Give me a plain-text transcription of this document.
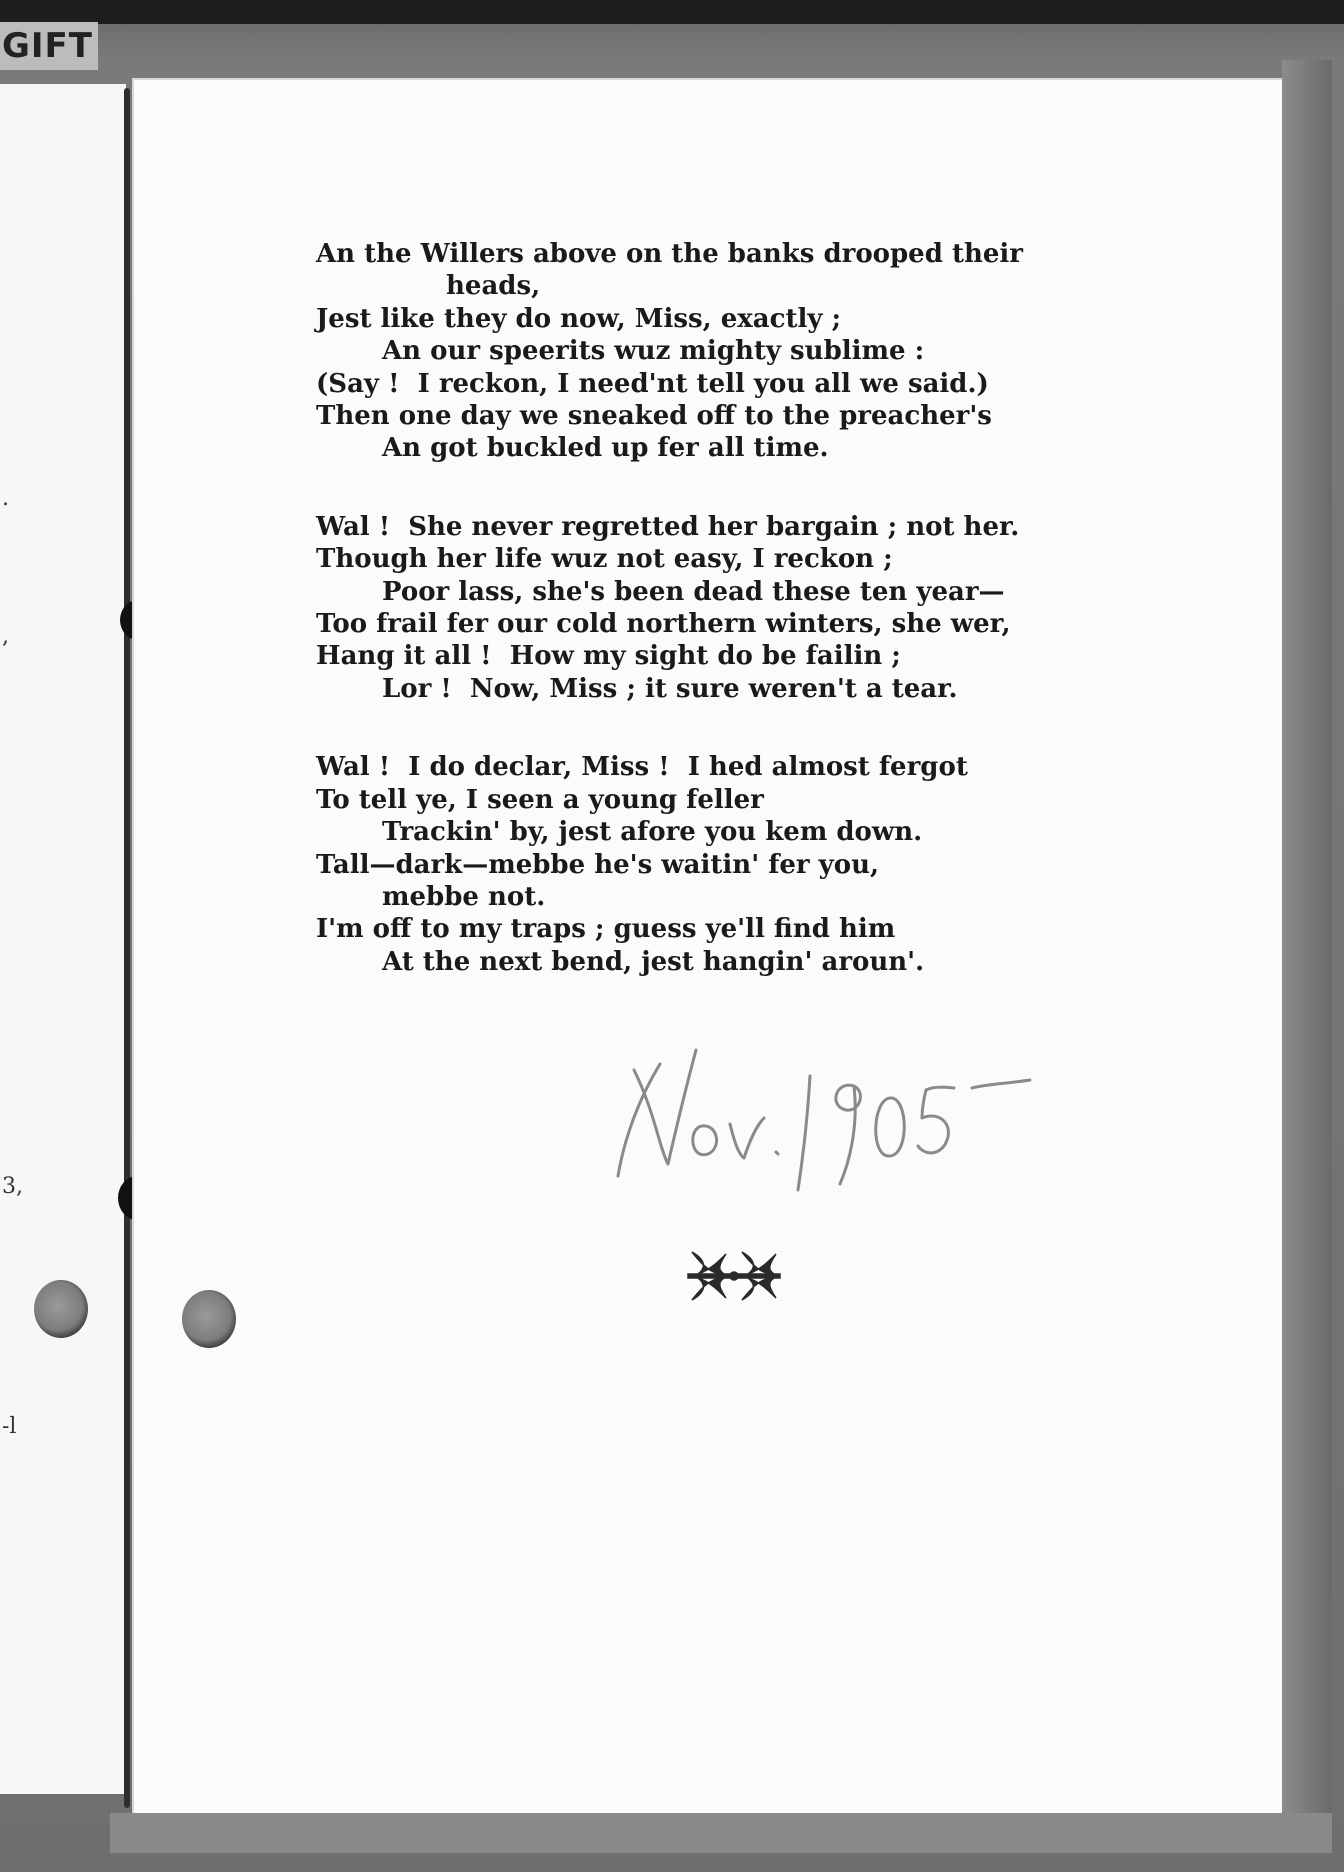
GIFT
.
,
3,
-l
An the Willers above on the banks drooped their
heads,
Jest like they do now, Miss, exactly ;
An our speerits wuz mighty sublime :
(Say !  I reckon, I need'nt tell you all we said.)
Then one day we sneaked off to the preacher's
An got buckled up fer all time.
Wal !  She never regretted her bargain ; not her.
Though her life wuz not easy, I reckon ;
Poor lass, she's been dead these ten year—
Too frail fer our cold northern winters, she wer,
Hang it all !  How my sight do be failin ;
Lor !  Now, Miss ; it sure weren't a tear.
Wal !  I do declar, Miss !  I hed almost fergot
To tell ye, I seen a young feller
Trackin' by, jest afore you kem down.
Tall—dark—mebbe he's waitin' fer you,
mebbe not.
I'm off to my traps ; guess ye'll find him
At the next bend, jest hangin' aroun'.
